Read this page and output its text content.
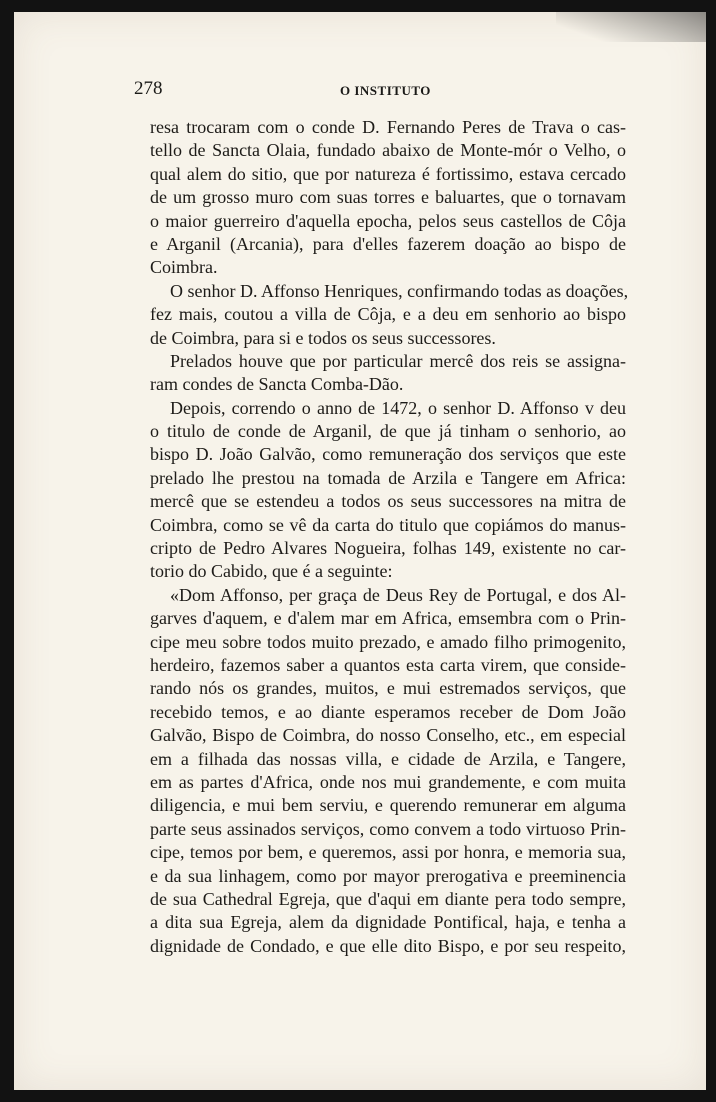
278	O INSTITUTO
resa trocaram com o conde D. Fernando Peres de Trava o cas-
tello de Sancta Olaia, fundado abaixo de Monte-mór o Velho, o
qual alem do sitio, que por natureza é fortissimo, estava cercado
de um grosso muro com suas torres e baluartes, que o tornavam
o maior guerreiro d'aquella epocha, pelos seus castellos de Côja
e Arganil (Arcania), para d'elles fazerem doação ao bispo de
Coimbra.
O senhor D. Affonso Henriques, confirmando todas as doações,
fez mais, coutou a villa de Côja, e a deu em senhorio ao bispo
de Coimbra, para si e todos os seus successores.
Prelados houve que por particular mercê dos reis se assigna-
ram condes de Sancta Comba-Dão.
Depois, correndo o anno de 1472, o senhor D. Affonso v deu
o titulo de conde de Arganil, de que já tinham o senhorio, ao
bispo D. João Galvão, como remuneração dos serviços que este
prelado lhe prestou na tomada de Arzila e Tangere em Africa:
mercê que se estendeu a todos os seus successores na mitra de
Coimbra, como se vê da carta do titulo que copiámos do manus-
cripto de Pedro Alvares Nogueira, folhas 149, existente no car-
torio do Cabido, que é a seguinte:
«Dom Affonso, per graça de Deus Rey de Portugal, e dos Al-
garves d'aquem, e d'alem mar em Africa, emsembra com o Prin-
cipe meu sobre todos muito prezado, e amado filho primogenito,
herdeiro, fazemos saber a quantos esta carta virem, que conside-
rando nós os grandes, muitos, e mui estremados serviços, que
recebido temos, e ao diante esperamos receber de Dom João
Galvão, Bispo de Coimbra, do nosso Conselho, etc., em especial
em a filhada das nossas villa, e cidade de Arzila, e Tangere,
em as partes d'Africa, onde nos mui grandemente, e com muita
diligencia, e mui bem serviu, e querendo remunerar em alguma
parte seus assinados serviços, como convem a todo virtuoso Prin-
cipe, temos por bem, e queremos, assi por honra, e memoria sua,
e da sua linhagem, como por mayor prerogativa e preeminencia
de sua Cathedral Egreja, que d'aqui em diante pera todo sempre,
a dita sua Egreja, alem da dignidade Pontifical, haja, e tenha a
dignidade de Condado, e que elle dito Bispo, e por seu respeito,
